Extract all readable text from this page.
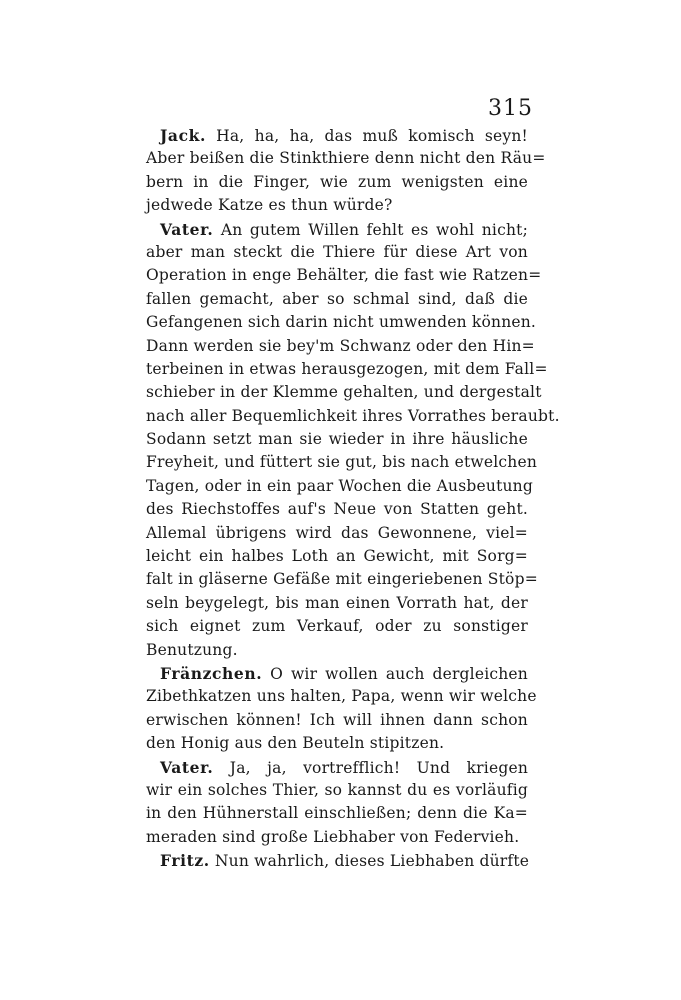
315
Jack. Ha, ha, ha, das muß komisch seyn!
Aber beißen die Stinkthiere denn nicht den Räu=
bern in die Finger, wie zum wenigsten eine
jedwede Katze es thun würde?
Vater. An gutem Willen fehlt es wohl nicht;
aber man steckt die Thiere für diese Art von
Operation in enge Behälter, die fast wie Ratzen=
fallen gemacht, aber so schmal sind, daß die
Gefangenen sich darin nicht umwenden können.
Dann werden sie bey'm Schwanz oder den Hin=
terbeinen in etwas herausgezogen, mit dem Fall=
schieber in der Klemme gehalten, und dergestalt
nach aller Bequemlichkeit ihres Vorrathes beraubt.
Sodann setzt man sie wieder in ihre häusliche
Freyheit, und füttert sie gut, bis nach etwelchen
Tagen, oder in ein paar Wochen die Ausbeutung
des Riechstoffes auf's Neue von Statten geht.
Allemal übrigens wird das Gewonnene, viel=
leicht ein halbes Loth an Gewicht, mit Sorg=
falt in gläserne Gefäße mit eingeriebenen Stöp=
seln beygelegt, bis man einen Vorrath hat, der
sich eignet zum Verkauf, oder zu sonstiger
Benutzung.
Fränzchen. O wir wollen auch dergleichen
Zibethkatzen uns halten, Papa, wenn wir welche
erwischen können! Ich will ihnen dann schon
den Honig aus den Beuteln stipitzen.
Vater. Ja, ja, vortrefflich! Und kriegen
wir ein solches Thier, so kannst du es vorläufig
in den Hühnerstall einschließen; denn die Ka=
meraden sind große Liebhaber von Federvieh.
Fritz. Nun wahrlich, dieses Liebhaben dürfte
